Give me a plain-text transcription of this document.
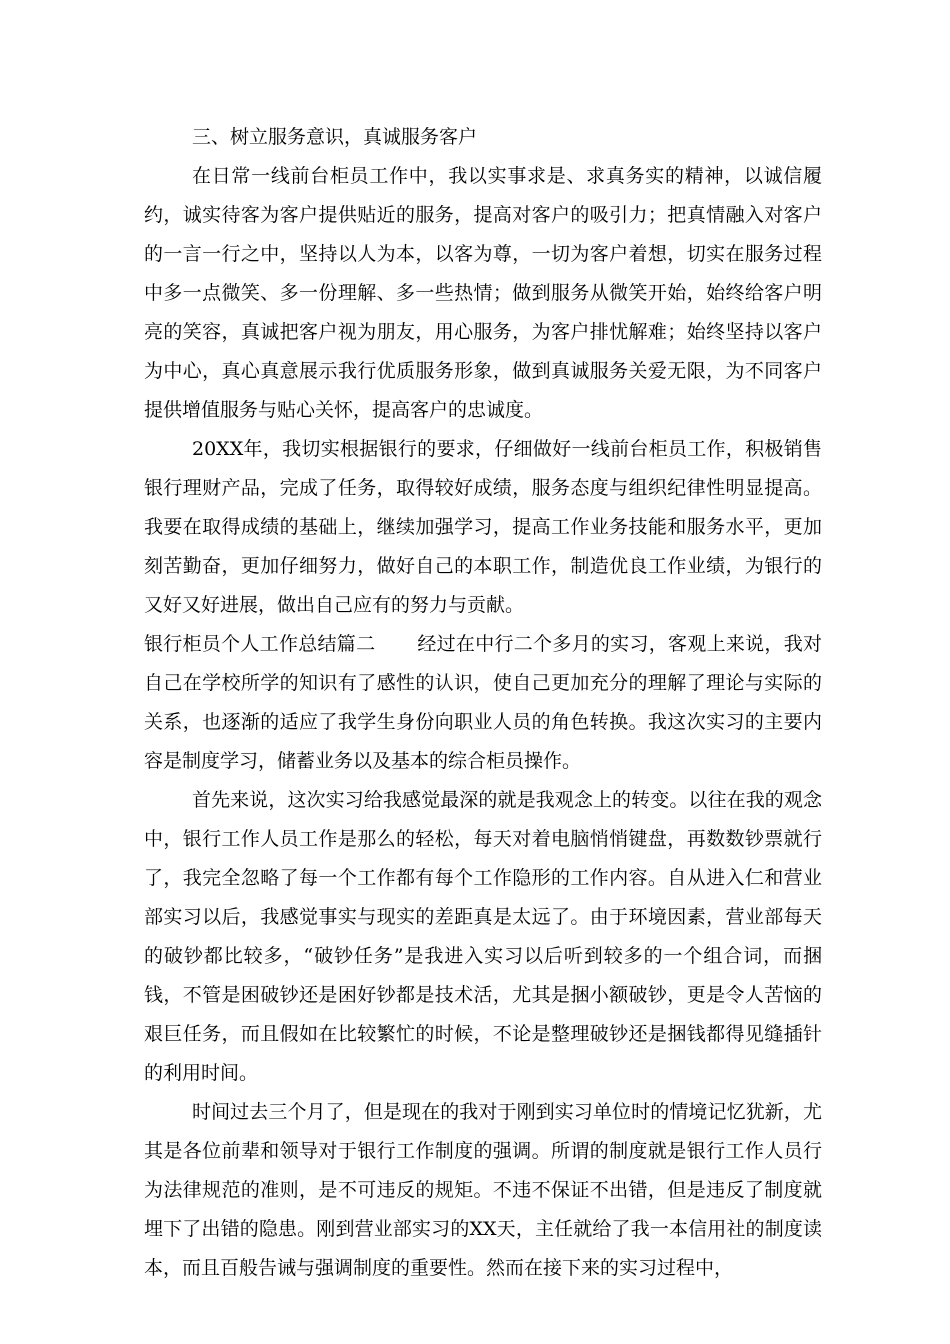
三、树立服务意识，真诚服务客户

在日常一线前台柜员工作中，我以实事求是、求真务实的精神，以诚信履约，诚实待客为客户提供贴近的服务，提高对客户的吸引力；把真情融入对客户的一言一行之中，坚持以人为本，以客为尊，一切为客户着想，切实在服务过程中多一点微笑、多一份理解、多一些热情；做到服务从微笑开始，始终给客户明亮的笑容，真诚把客户视为朋友，用心服务，为客户排忧解难；始终坚持以客户为中心，真心真意展示我行优质服务形象，做到真诚服务关爱无限，为不同客户提供增值服务与贴心关怀，提高客户的忠诚度。

20XX年，我切实根据银行的要求，仔细做好一线前台柜员工作，积极销售银行理财产品，完成了任务，取得较好成绩，服务态度与组织纪律性明显提高。我要在取得成绩的基础上，继续加强学习，提高工作业务技能和服务水平，更加刻苦勤奋，更加仔细努力，做好自己的本职工作，制造优良工作业绩，为银行的又好又好进展，做出自己应有的努力与贡献。

银行柜员个人工作总结篇二 经过在中行二个多月的实习，客观上来说，我对自己在学校所学的知识有了感性的认识，使自己更加充分的理解了理论与实际的关系，也逐渐的适应了我学生身份向职业人员的角色转换。我这次实习的主要内容是制度学习，储蓄业务以及基本的综合柜员操作。

首先来说，这次实习给我感觉最深的就是我观念上的转变。以往在我的观念中，银行工作人员工作是那么的轻松，每天对着电脑悄悄键盘，再数数钞票就行了，我完全忽略了每一个工作都有每个工作隐形的工作内容。自从进入仁和营业部实习以后，我感觉事实与现实的差距真是太远了。由于环境因素，营业部每天的破钞都比较多，“破钞任务”是我进入实习以后听到较多的一个组合词，而捆钱，不管是困破钞还是困好钞都是技术活，尤其是捆小额破钞，更是令人苦恼的艰巨任务，而且假如在比较繁忙的时候，不论是整理破钞还是捆钱都得见缝插针的利用时间。

时间过去三个月了，但是现在的我对于刚到实习单位时的情境记忆犹新，尤其是各位前辈和领导对于银行工作制度的强调。所谓的制度就是银行工作人员行为法律规范的准则，是不可违反的规矩。不违不保证不出错，但是违反了制度就埋下了出错的隐患。刚到营业部实习的XX天，主任就给了我一本信用社的制度读本，而且百般告诫与强调制度的重要性。然而在接下来的实习过程中，
